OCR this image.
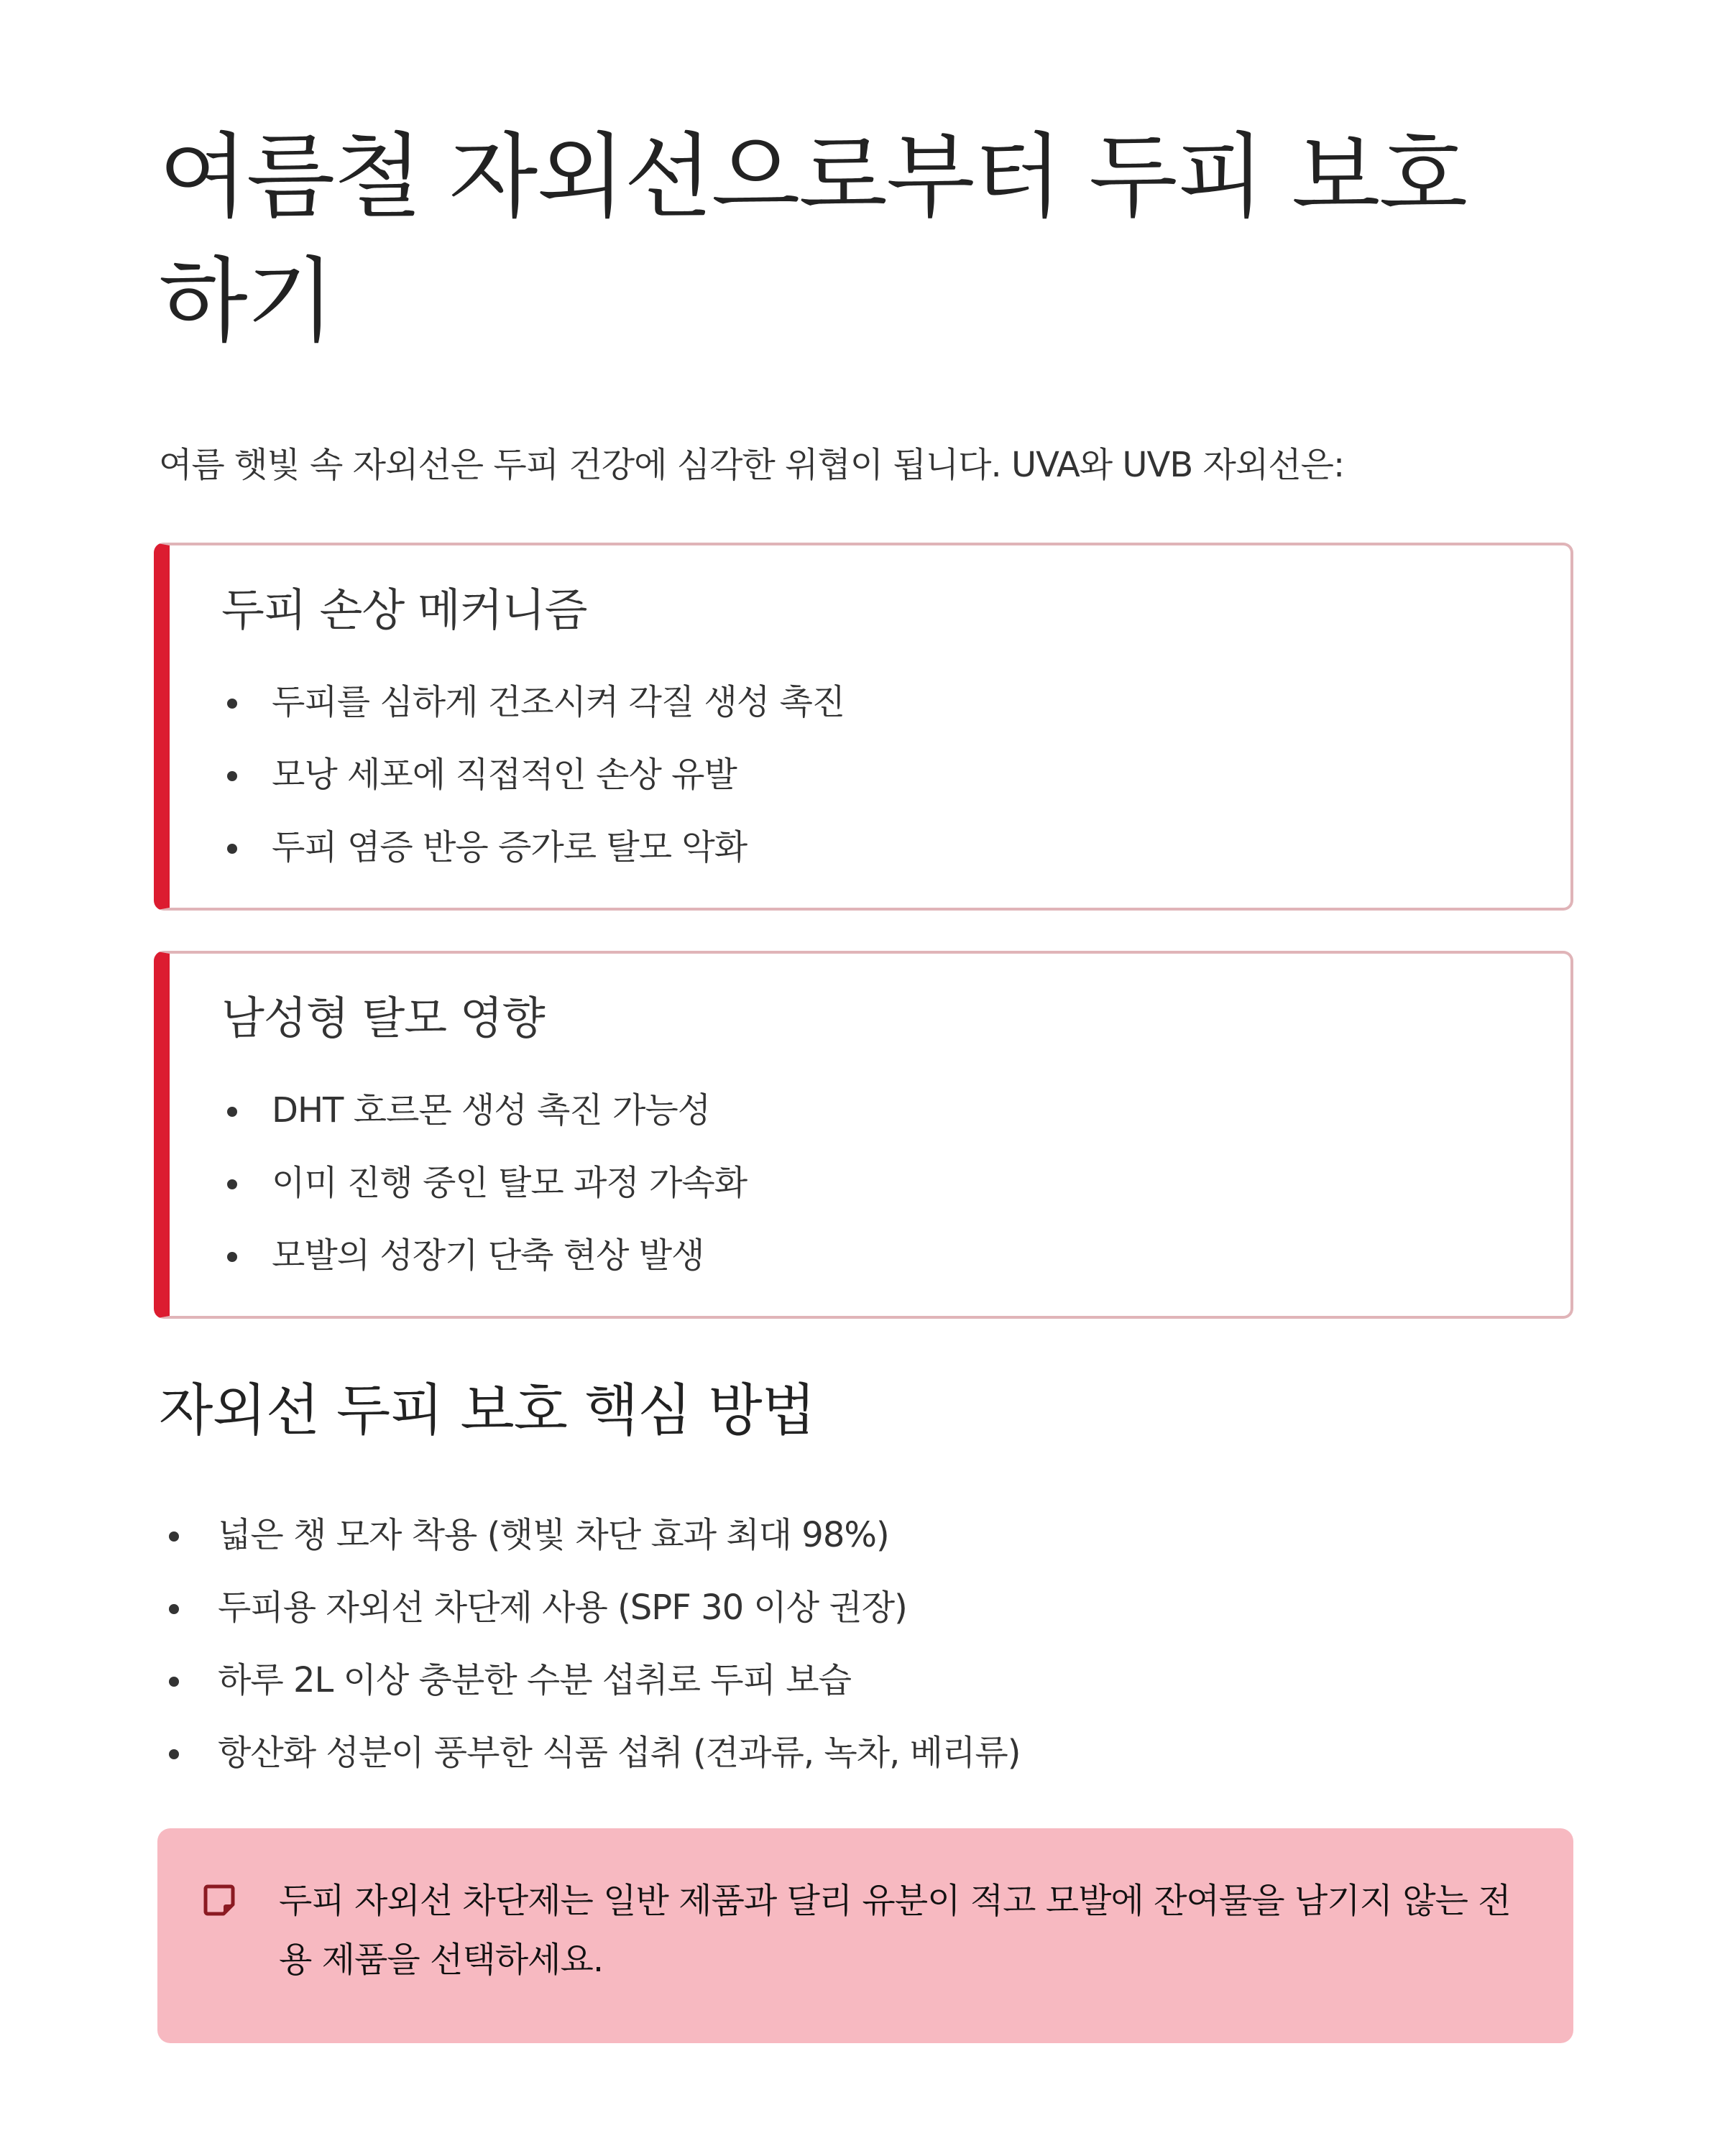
여름철 자외선으로부터 두피 보호하기

여름 햇빛 속 자외선은 두피 건강에 심각한 위협이 됩니다. UVA와 UVB 자외선은:

두피 손상 메커니즘
두피를 심하게 건조시켜 각질 생성 촉진
모낭 세포에 직접적인 손상 유발
두피 염증 반응 증가로 탈모 악화
남성형 탈모 영향
DHT 호르몬 생성 촉진 가능성
이미 진행 중인 탈모 과정 가속화
모발의 성장기 단축 현상 발생
자외선 두피 보호 핵심 방법
넓은 챙 모자 착용 (햇빛 차단 효과 최대 98%)
두피용 자외선 차단제 사용 (SPF 30 이상 권장)
하루 2L 이상 충분한 수분 섭취로 두피 보습
항산화 성분이 풍부한 식품 섭취 (견과류, 녹차, 베리류)

두피 자외선 차단제는 일반 제품과 달리 유분이 적고 모발에 잔여물을 남기지 않는 전용 제품을 선택하세요.
